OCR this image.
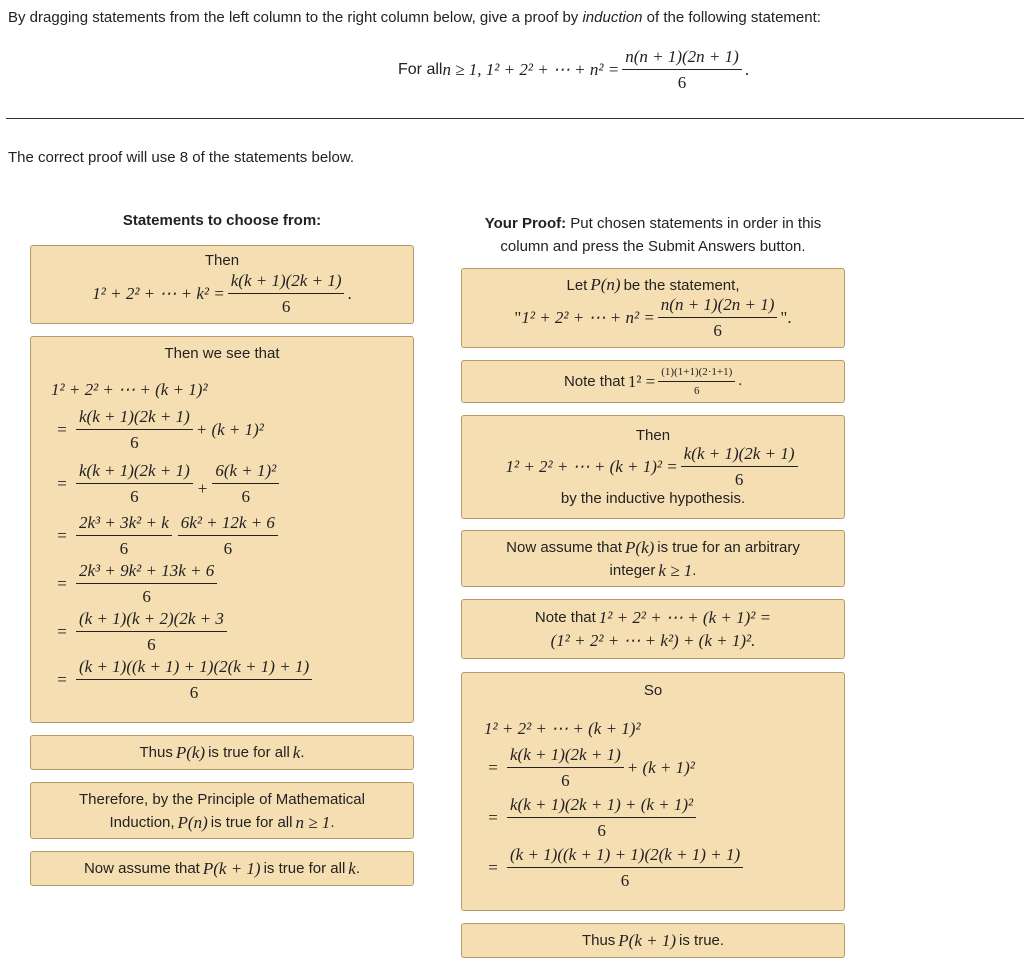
By dragging statements from the left column to the right column below, give a proof by induction of the following statement:
For all n ≥ 1, 1² + 2² + ⋯ + $n^2 = \frac{n(n + 1)(2n + 1)}{6}$ .
The correct proof will use 8 of the statements below.
Statements to choose from:	Your Proof: Put chosen statements in order in this column and press the Submit Answers button.
Then
1² + 2² + ⋯ + $k^2 = \frac{k(k + 1)(2k + 1)}{6}$ .
Then we see that
1² + 2² + ⋯ + (k + 1)²
= $\frac{k(k + 1)(2k + 1)}{6} + (k + 1)^2$
= $\frac{k(k + 1)(2k + 1)}{6} + \frac{\text{6(k + 1)²}}{6}$
= $\frac{\text{2k³ + 3k² + k}}{6} \frac{\text{6k² + 12k + 6}}{6}$
= $\frac{\text{2k³ + 9k² + 13k + 6}}{6}$
= $\frac{(k + 1)(k + 2)(2k + 3}{6}$
= $\frac{(k + 1)((k + 1) + 1)(2(k + 1) + 1)}{6}$
Thus P(k) is true for all k .
Therefore, by the Principle of Mathematical
Induction, P(n) is true for all n ≥ 1 .
Now assume that P(k + 1) is true for all k .
Let P(n) be the statement,
" 1² + 2² + ⋯ + $n^2 = \frac{n(n + 1)(2n + 1)}{6}$ ".
Note that $1^2 = \frac{(1)(1+1)(2\cdot 1+1)}{6}$ .
Then
1² + 2² + ⋯ + $(k + 1)^2 = \frac{k(k + 1)(2k + 1)}{6}$
by the inductive hypothesis.
Now assume that P(k) is true for an arbitrary
integer k ≥ 1 .
Note that 1² + 2² + ⋯ + (k + 1)² =
(1² + 2² + ⋯ + k²) + (k + 1)².
So
1² + 2² + ⋯ + (k + 1)²
= $\frac{k(k + 1)(2k + 1)}{6} + (k + 1)^2$
= $\frac{\text{k(k + 1)(2k + 1) + (k + 1)²}}{6}$
= $\frac{(k + 1)((k + 1) + 1)(2(k + 1) + 1)}{6}$
Thus P(k + 1) is true.
